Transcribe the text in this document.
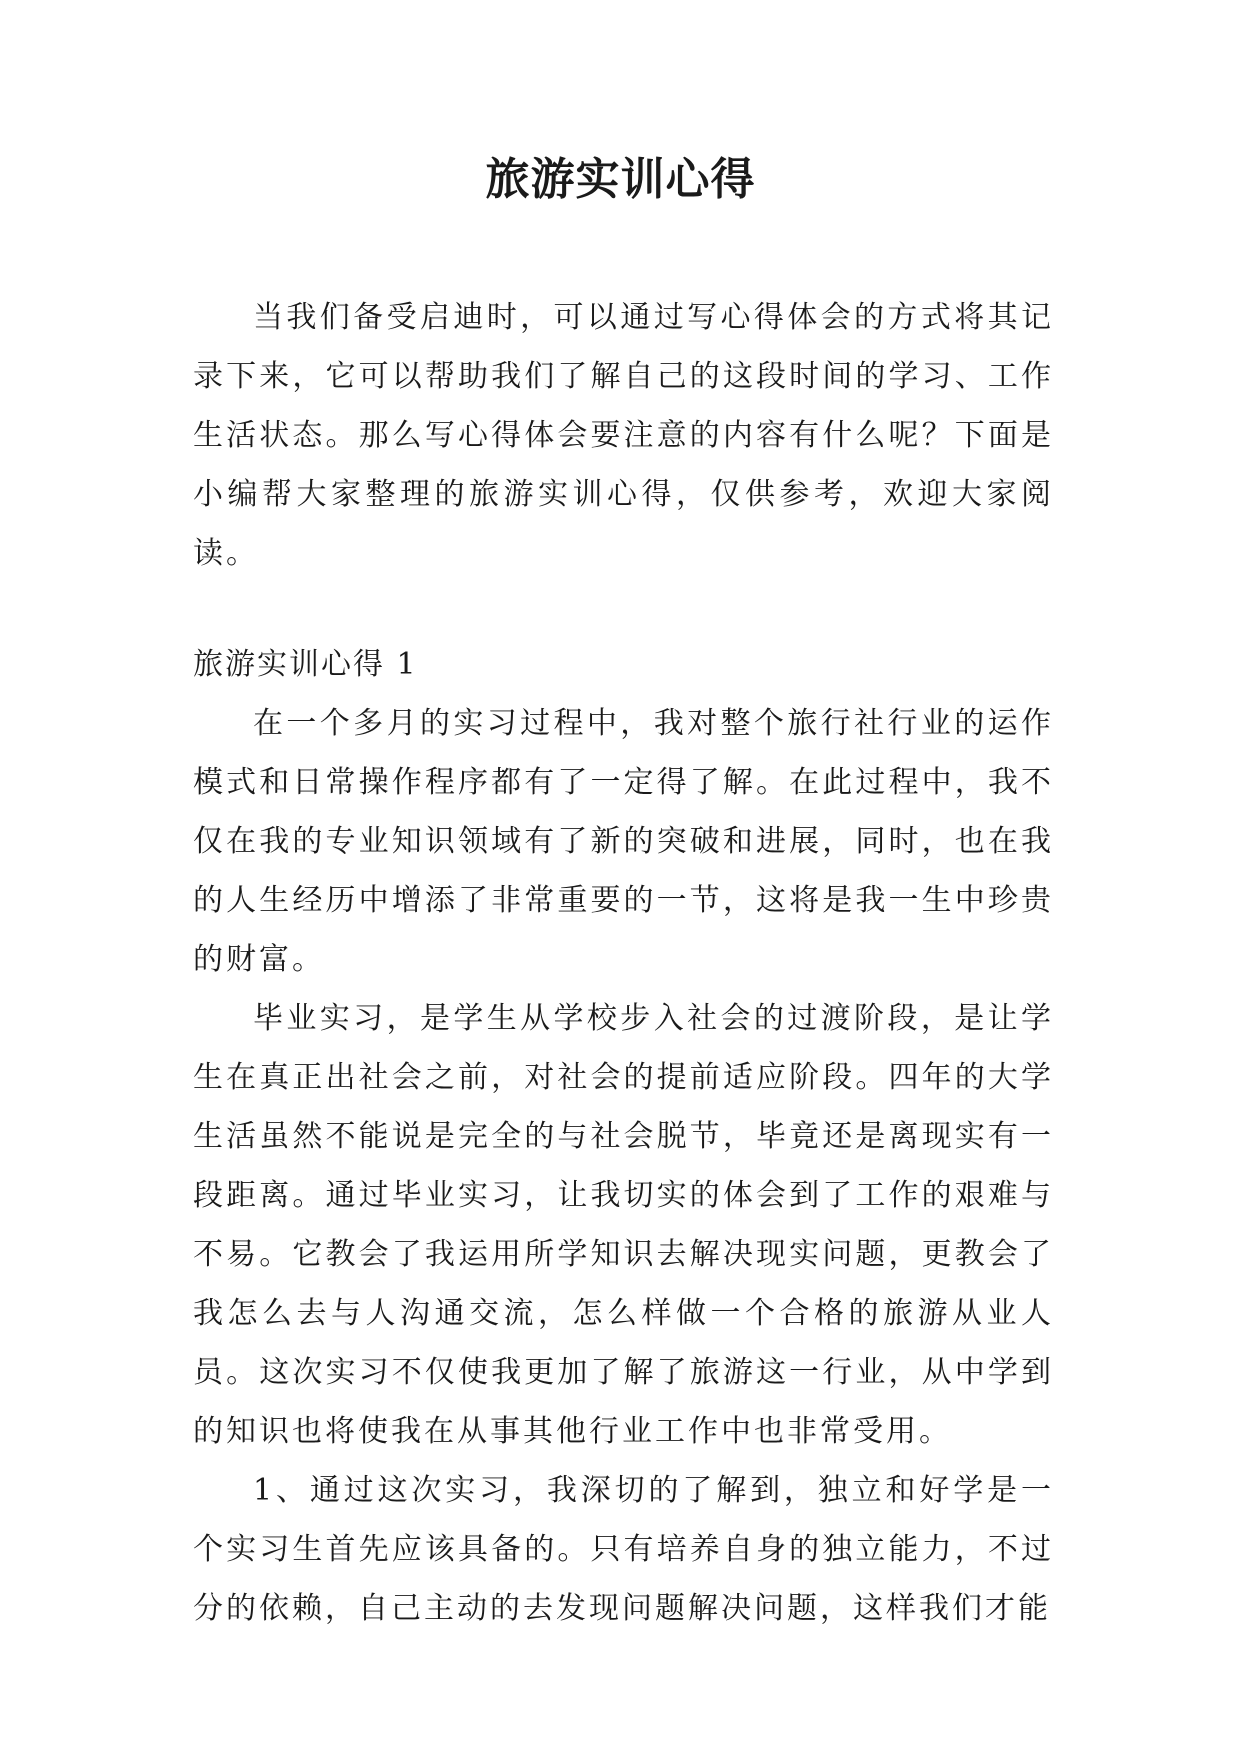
旅游实训心得

当我们备受启迪时，可以通过写心得体会的方式将其记录下来，它可以帮助我们了解自己的这段时间的学习、工作生活状态。那么写心得体会要注意的内容有什么呢？下面是小编帮大家整理的旅游实训心得，仅供参考，欢迎大家阅读。

旅游实训心得 1

在一个多月的实习过程中，我对整个旅行社行业的运作模式和日常操作程序都有了一定得了解。在此过程中，我不仅在我的专业知识领域有了新的突破和进展，同时，也在我的人生经历中增添了非常重要的一节，这将是我一生中珍贵的财富。

毕业实习，是学生从学校步入社会的过渡阶段，是让学生在真正出社会之前，对社会的提前适应阶段。四年的大学生活虽然不能说是完全的与社会脱节，毕竟还是离现实有一段距离。通过毕业实习，让我切实的体会到了工作的艰难与不易。它教会了我运用所学知识去解决现实问题，更教会了我怎么去与人沟通交流，怎么样做一个合格的旅游从业人员。这次实习不仅使我更加了解了旅游这一行业，从中学到的知识也将使我在从事其他行业工作中也非常受用。

1、通过这次实习，我深切的了解到，独立和好学是一个实习生首先应该具备的。只有培养自身的独立能力，不过分的依赖，自己主动的去发现问题解决问题，这样我们才能
